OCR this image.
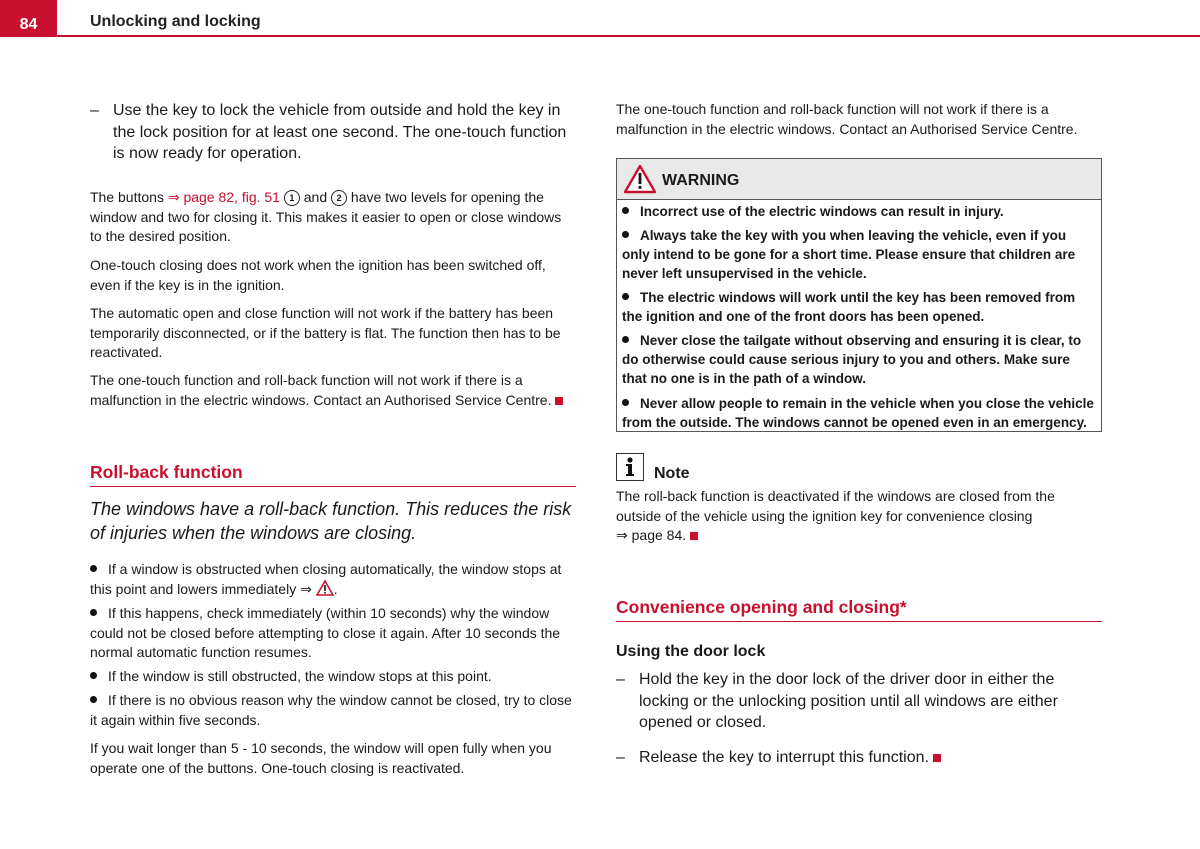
84	Unlocking and locking
– Use the key to lock the vehicle from outside and hold the key in the lock position for at least one second. The one-touch function is now ready for operation.
The buttons ⇒ page 82, fig. 51 1 and 2 have two levels for opening the window and two for closing it. This makes it easier to open or close windows to the desired position.
One-touch closing does not work when the ignition has been switched off, even if the key is in the ignition.
The automatic open and close function will not work if the battery has been temporarily disconnected, or if the battery is flat. The function then has to be reactivated.
The one-touch function and roll-back function will not work if there is a malfunction in the electric windows. Contact an Authorised Service Centre.
Roll-back function
The windows have a roll-back function. This reduces the risk of injuries when the windows are closing.
If a window is obstructed when closing automatically, the window stops at this point and lowers immediately ⇒ .
If this happens, check immediately (within 10 seconds) why the window could not be closed before attempting to close it again. After 10 seconds the normal automatic function resumes.
If the window is still obstructed, the window stops at this point.
If there is no obvious reason why the window cannot be closed, try to close it again within five seconds.
If you wait longer than 5 - 10 seconds, the window will open fully when you operate one of the buttons. One-touch closing is reactivated.
The one-touch function and roll-back function will not work if there is a malfunction in the electric windows. Contact an Authorised Service Centre.
WARNING
Incorrect use of the electric windows can result in injury.
Always take the key with you when leaving the vehicle, even if you only intend to be gone for a short time. Please ensure that children are never left unsupervised in the vehicle.
The electric windows will work until the key has been removed from the ignition and one of the front doors has been opened.
Never close the tailgate without observing and ensuring it is clear, to do otherwise could cause serious injury to you and others. Make sure that no one is in the path of a window.
Never allow people to remain in the vehicle when you close the vehicle from the outside. The windows cannot be opened even in an emergency.
Note
The roll-back function is deactivated if the windows are closed from the outside of the vehicle using the ignition key for convenience closing
⇒ page 84.
Convenience opening and closing*
Using the door lock
– Hold the key in the door lock of the driver door in either the locking or the unlocking position until all windows are either opened or closed.
– Release the key to interrupt this function.
